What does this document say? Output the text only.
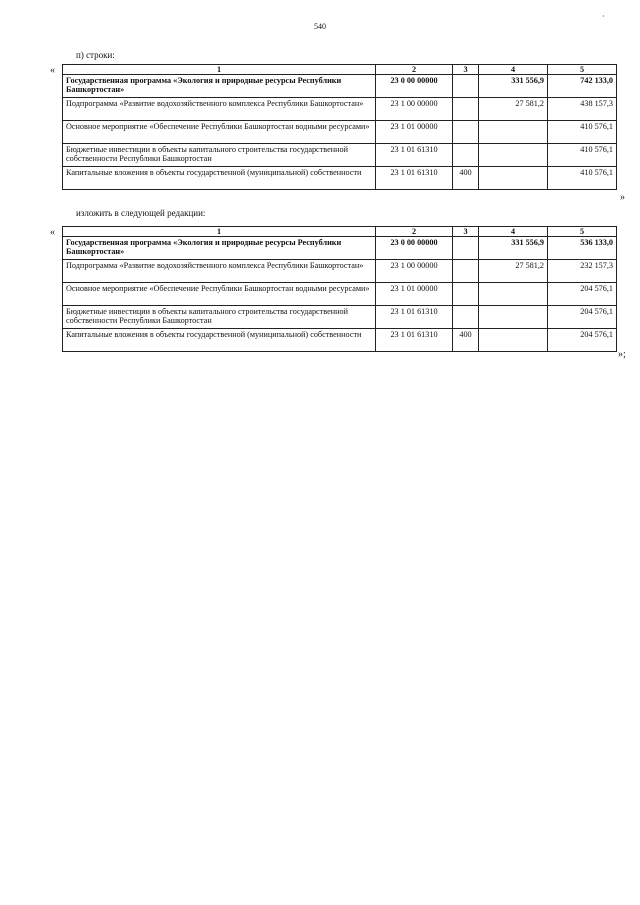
540
·
п) строки:
«	1	2	3	4	5
Государственная программа «Экология и природные ресурсы Республики Башкортостан»	23 0 00 00000		331 556,9	742 133,0
Подпрограмма «Развитие водохозяйственного комплекса Республики Башкортостан»	23 1 00 00000		27 581,2	438 157,3
Основное мероприятие «Обеспечение Республики Башкортостан водными ресурсами»	23 1 01 00000			410 576,1
Бюджетные инвестиции в объекты капитального строительства государственной собственности Республики Башкортостан	23 1 01 61310			410 576,1
Капитальные вложения в объекты государственной (муниципальной) собственности	23 1 01 61310	400		410 576,1
»
изложить в следующей редакции:
«	1	2	3	4	5
Государственная программа «Экология и природные ресурсы Республики Башкортостан»	23 0 00 00000		331 556,9	536 133,0
Подпрограмма «Развитие водохозяйственного комплекса Республики Башкортостан»	23 1 00 00000		27 581,2	232 157,3
Основное мероприятие «Обеспечение Республики Башкортостан водными ресурсами»	23 1 01 00000			204 576,1
Бюджетные инвестиции в объекты капитального строительства государственной собственности Республики Башкортостан	23 1 01 61310			204 576,1
Капитальные вложения в объекты государственной (муниципальной) собственности	23 1 01 61310	400		204 576,1
»;
